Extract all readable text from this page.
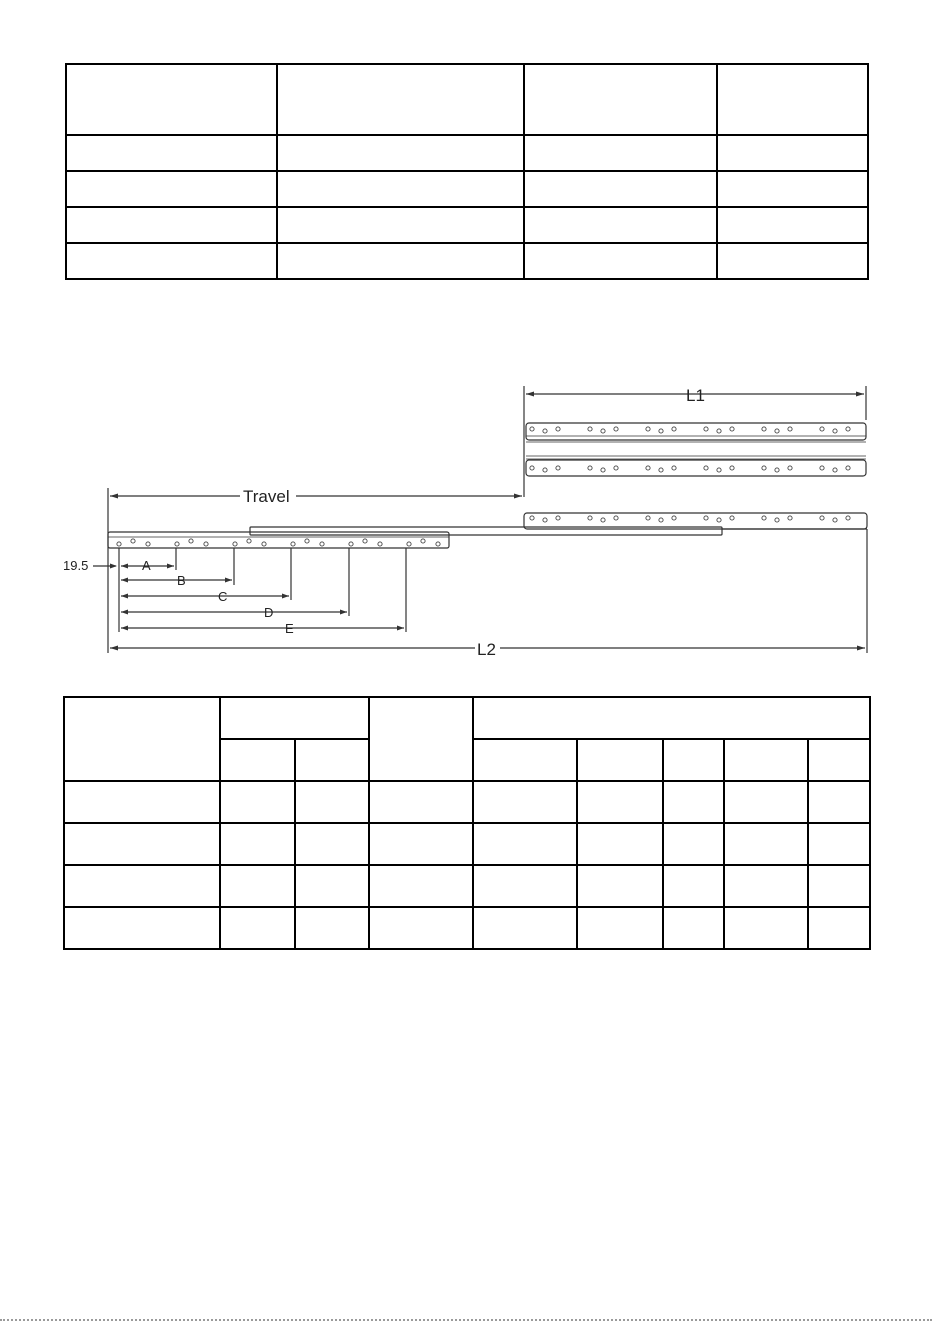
L1
Travel
19.5	A
B
C
D
E
L2
